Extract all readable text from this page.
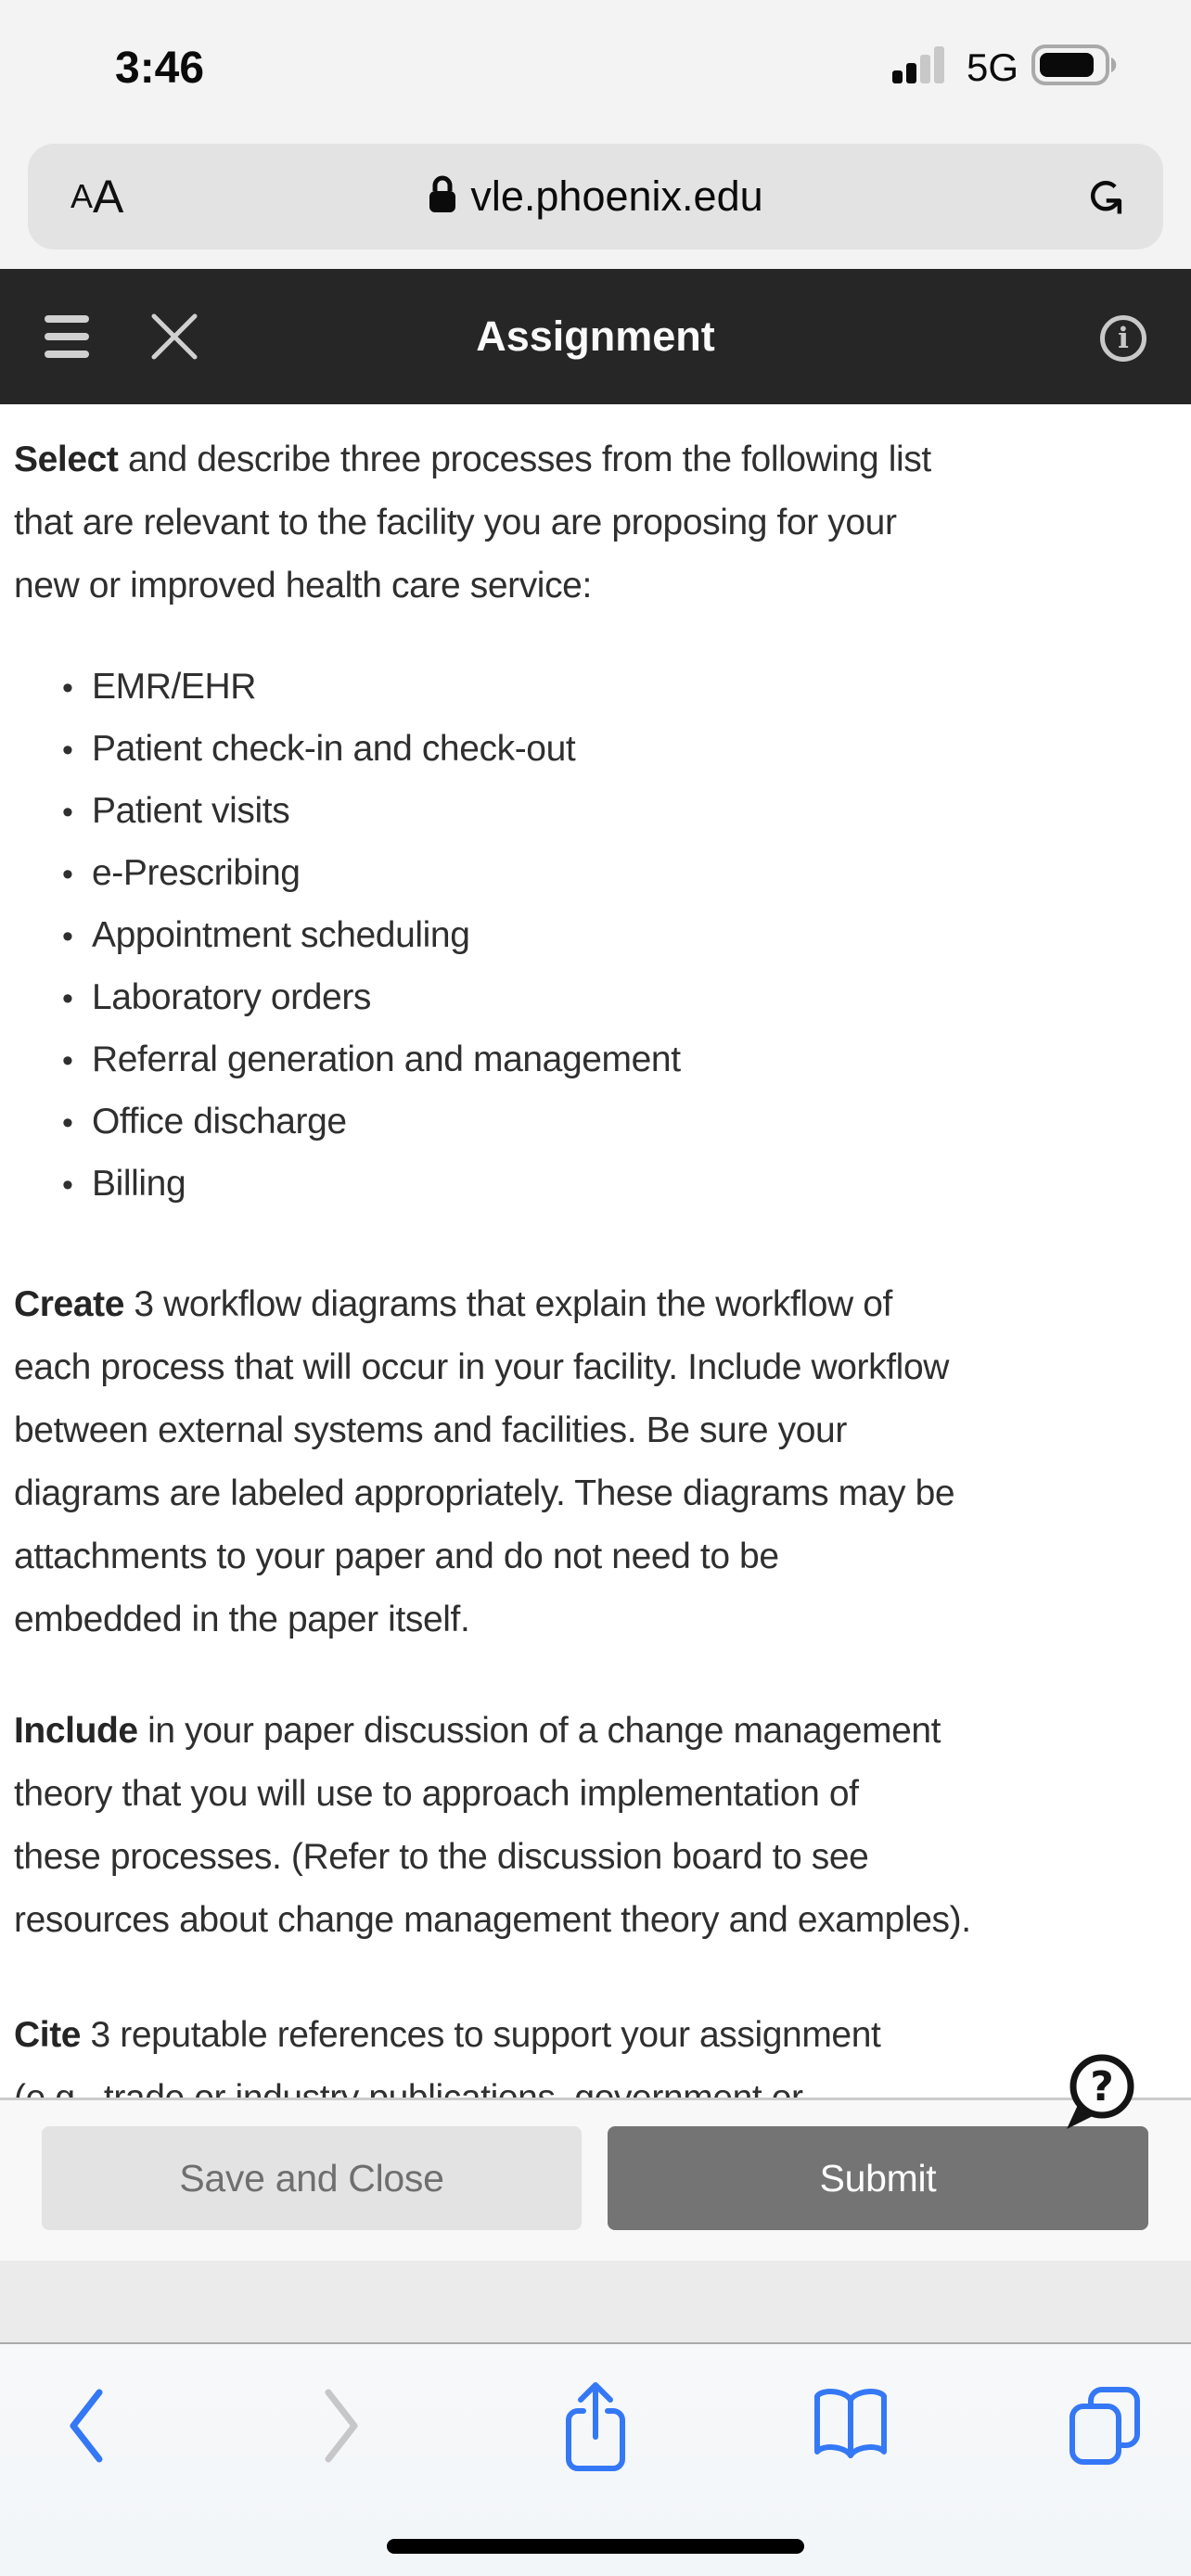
3:46	5G
A A	vle.phoenix.edu	↻
Assignment	i

Select and describe three processes from the following list
that are relevant to the facility you are proposing for your
new or improved health care service:

• EMR/EHR
• Patient check-in and check-out
• Patient visits
• e-Prescribing
• Appointment scheduling
• Laboratory orders
• Referral generation and management
• Office discharge
• Billing

Create 3 workflow diagrams that explain the workflow of
each process that will occur in your facility. Include workflow
between external systems and facilities. Be sure your
diagrams are labeled appropriately. These diagrams may be
attachments to your paper and do not need to be
embedded in the paper itself.

Include in your paper discussion of a change management
theory that you will use to approach implementation of
these processes. (Refer to the discussion board to see
resources about change management theory and examples).

Cite 3 reputable references to support your assignment

?
Save and Close	Submit
